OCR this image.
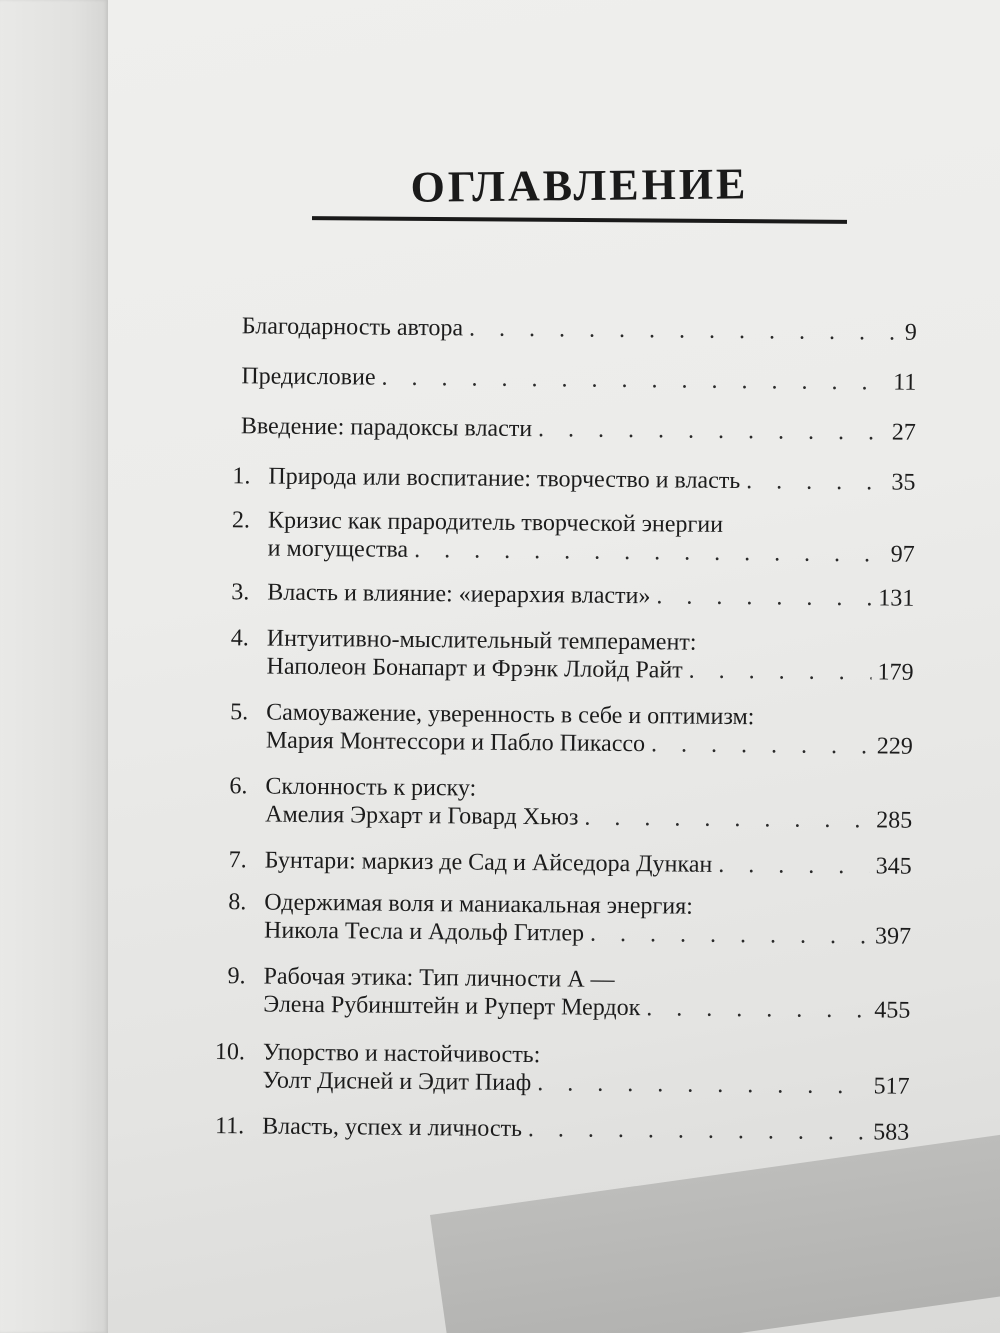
ОГЛАВЛЕНИЕ
Благодарность автора . . .	9
Предисловие . . .	11
Введение: парадоксы власти . . .	27
1. Природа или воспитание: творчество и власть . . .	35
2. Кризис как прародитель творческой энергии
и могущества . . .	97
3. Власть и влияние: «иерархия власти» . . .	131
4. Интуитивно-мыслительный темперамент:
Наполеон Бонапарт и Фрэнк Ллойд Райт . . .	179
5. Самоуважение, уверенность в себе и оптимизм:
Мария Монтессори и Пабло Пикассо . . .	229
6. Склонность к риску:
Амелия Эрхарт и Говард Хьюз . . .	285
7. Бунтари: маркиз де Сад и Айседора Дункан . . .	345
8. Одержимая воля и маниакальная энергия:
Никола Тесла и Адольф Гитлер . . .	397
9. Рабочая этика: Тип личности А —
Элена Рубинштейн и Руперт Мердок . . .	455
10. Упорство и настойчивость:
Уолт Дисней и Эдит Пиаф . . .	517
11. Власть, успех и личность . . .	583
